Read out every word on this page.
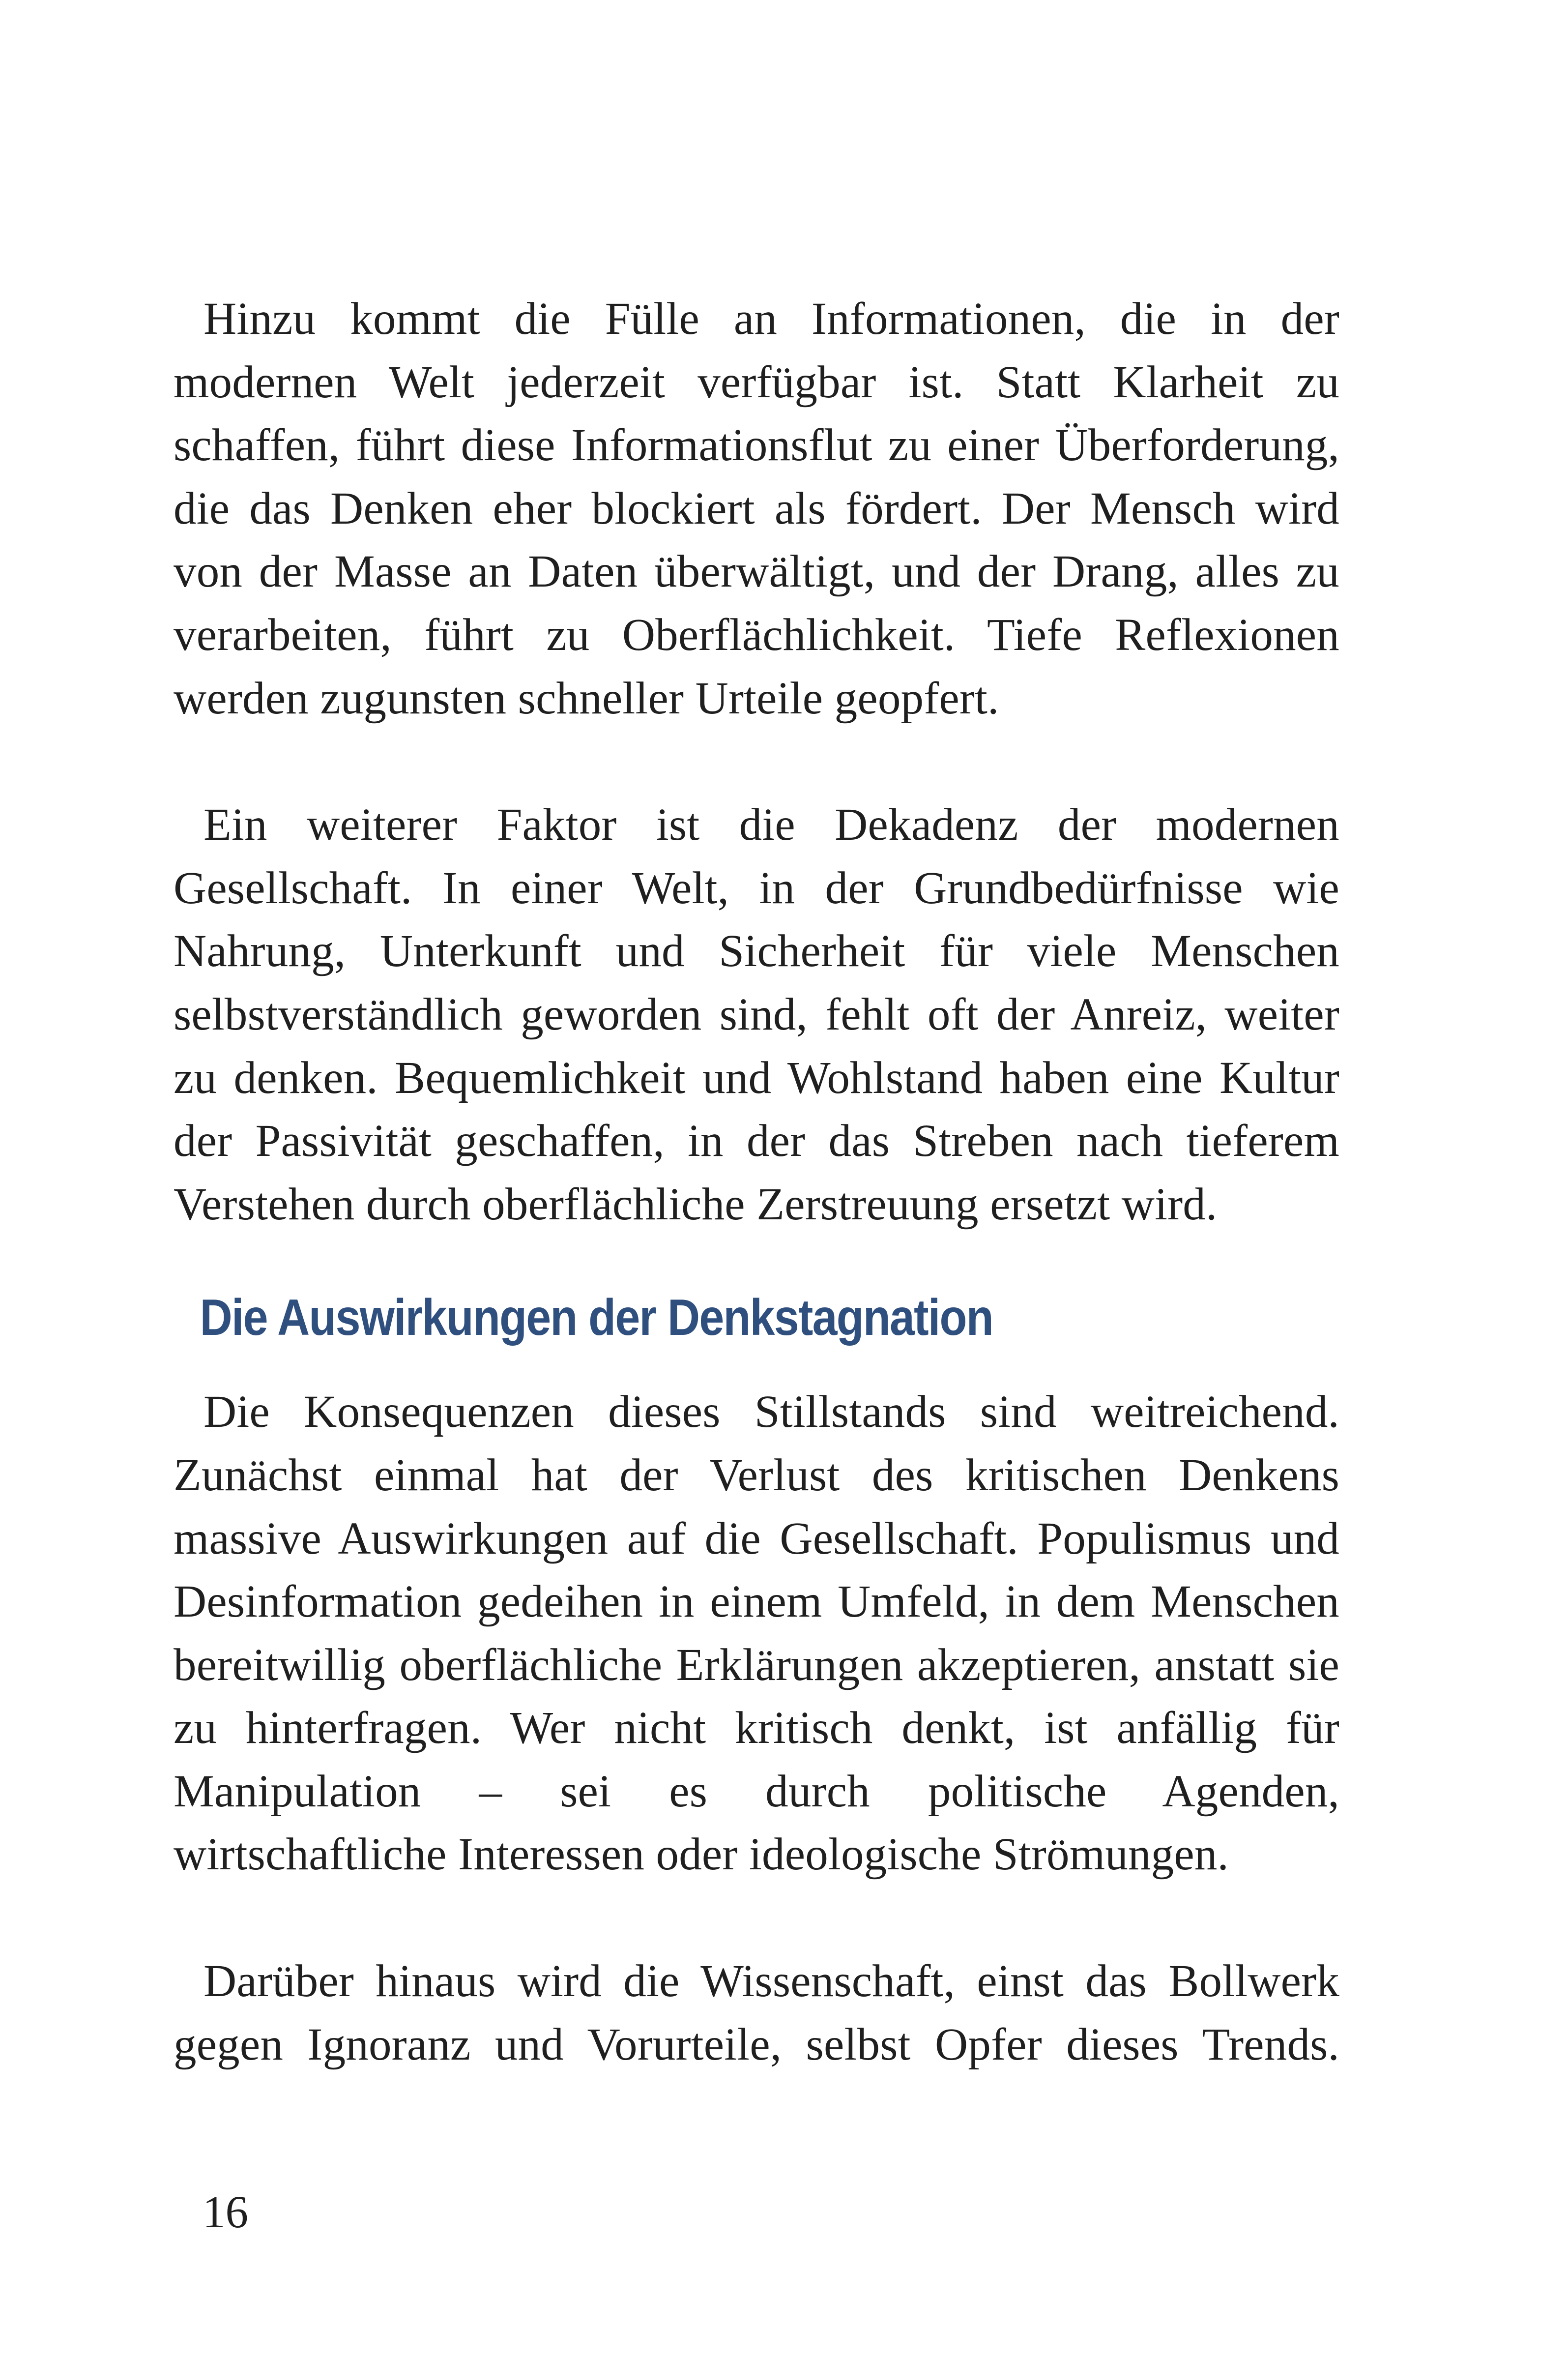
Hinzu kommt die Fülle an Informationen, die in der modernen Welt jederzeit verfügbar ist. Statt Klarheit zu schaffen, führt diese Informationsflut zu einer Überforderung, die das Denken eher blockiert als fördert. Der Mensch wird von der Masse an Daten überwältigt, und der Drang, alles zu verarbeiten, führt zu Oberflächlichkeit. Tiefe Reflexionen werden zugunsten schneller Urteile geopfert.

Ein weiterer Faktor ist die Dekadenz der modernen Gesellschaft. In einer Welt, in der Grundbedürfnisse wie Nahrung, Unterkunft und Sicherheit für viele Menschen selbstverständlich geworden sind, fehlt oft der Anreiz, weiter zu denken. Bequemlichkeit und Wohlstand haben eine Kultur der Passivität geschaffen, in der das Streben nach tieferem Verstehen durch oberflächliche Zerstreuung ersetzt wird.

Die Auswirkungen der Denkstagnation

Die Konsequenzen dieses Stillstands sind weitreichend. Zunächst einmal hat der Verlust des kritischen Denkens massive Auswirkungen auf die Gesellschaft. Populismus und Desinformation gedeihen in einem Umfeld, in dem Menschen bereitwillig oberflächliche Erklärungen akzeptieren, anstatt sie zu hinterfragen. Wer nicht kritisch denkt, ist anfällig für Manipulation – sei es durch politische Agenden, wirtschaftliche Interessen oder ideologische Strömungen.

Darüber hinaus wird die Wissenschaft, einst das Bollwerk gegen Ignoranz und Vorurteile, selbst Opfer dieses Trends.

16
